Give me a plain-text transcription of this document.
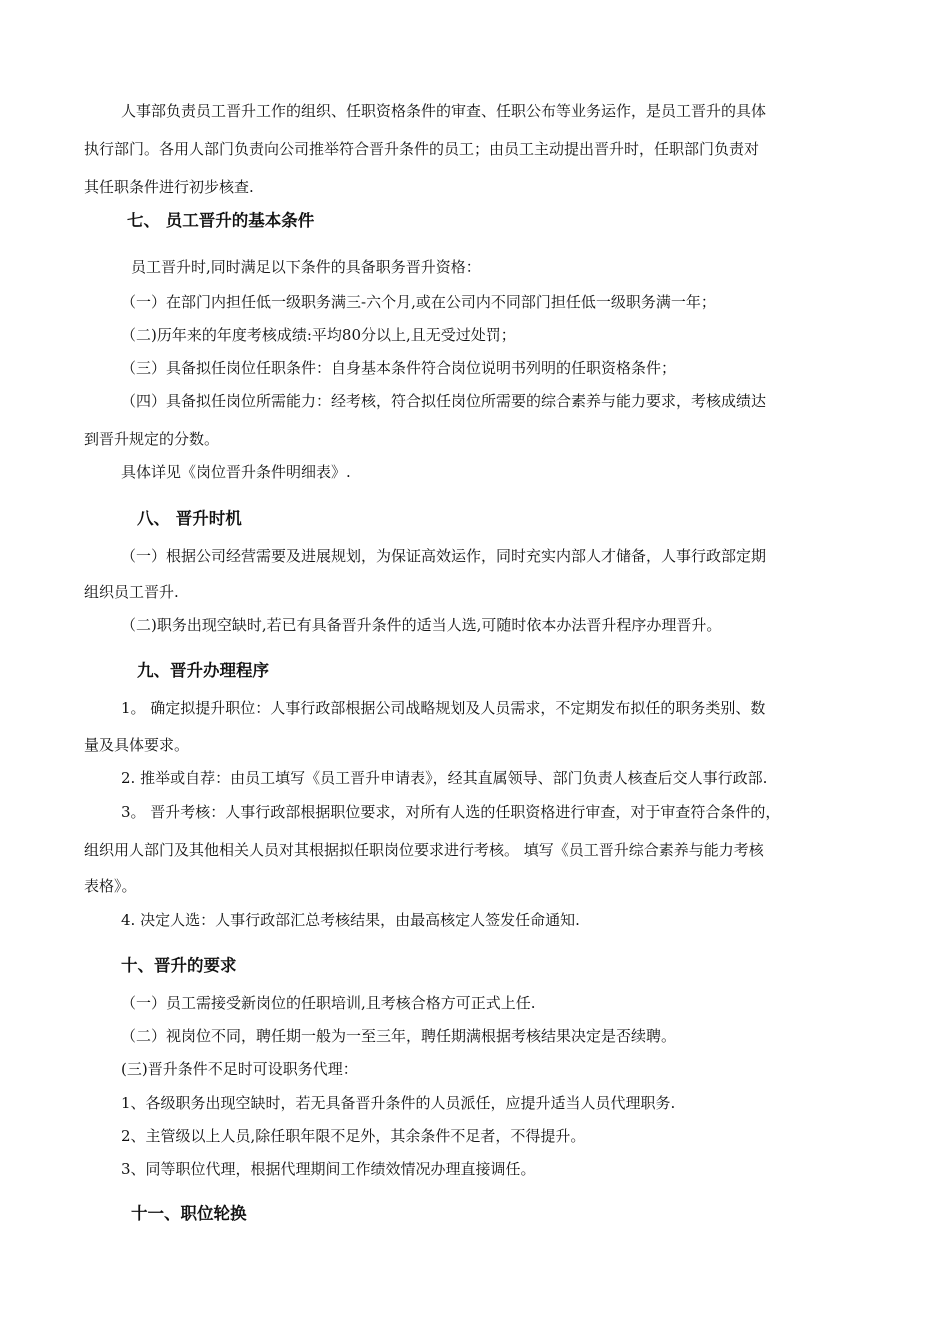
人事部负责员工晋升工作的组织、任职资格条件的审查、任职公布等业务运作，是员工晋升的具体
执行部门。各用人部门负责向公司推举符合晋升条件的员工；由员工主动提出晋升时，任职部门负责对
其任职条件进行初步核查.
七、 员工晋升的基本条件
员工晋升时,同时满足以下条件的具备职务晋升资格：
（一）在部门内担任低一级职务满三-六个月,或在公司内不同部门担任低一级职务满一年；
（二)历年来的年度考核成绩:平均80分以上,且无受过处罚；
（三）具备拟任岗位任职条件：自身基本条件符合岗位说明书列明的任职资格条件；
（四）具备拟任岗位所需能力：经考核，符合拟任岗位所需要的综合素养与能力要求，考核成绩达
到晋升规定的分数。
具体详见《岗位晋升条件明细表》.
八、 晋升时机
（一）根据公司经营需要及进展规划，为保证高效运作，同时充实内部人才储备，人事行政部定期
组织员工晋升.
（二)职务出现空缺时,若已有具备晋升条件的适当人选,可随时依本办法晋升程序办理晋升。
九、晋升办理程序
1。 确定拟提升职位：人事行政部根据公司战略规划及人员需求，不定期发布拟任的职务类别、数
量及具体要求。
2. 推举或自荐：由员工填写《员工晋升申请表》，经其直属领导、部门负责人核查后交人事行政部.
3。 晋升考核：人事行政部根据职位要求，对所有人选的任职资格进行审查，对于审查符合条件的，
组织用人部门及其他相关人员对其根据拟任职岗位要求进行考核。 填写《员工晋升综合素养与能力考核
表格》。
4. 决定人选：人事行政部汇总考核结果，由最高核定人签发任命通知.
十、晋升的要求
（一）员工需接受新岗位的任职培训,且考核合格方可正式上任.
（二）视岗位不同，聘任期一般为一至三年，聘任期满根据考核结果决定是否续聘。
(三)晋升条件不足时可设职务代理：
1、各级职务出现空缺时，若无具备晋升条件的人员派任，应提升适当人员代理职务.
2、主管级以上人员,除任职年限不足外，其余条件不足者，不得提升。
3、同等职位代理，根据代理期间工作绩效情况办理直接调任。
十一、职位轮换
